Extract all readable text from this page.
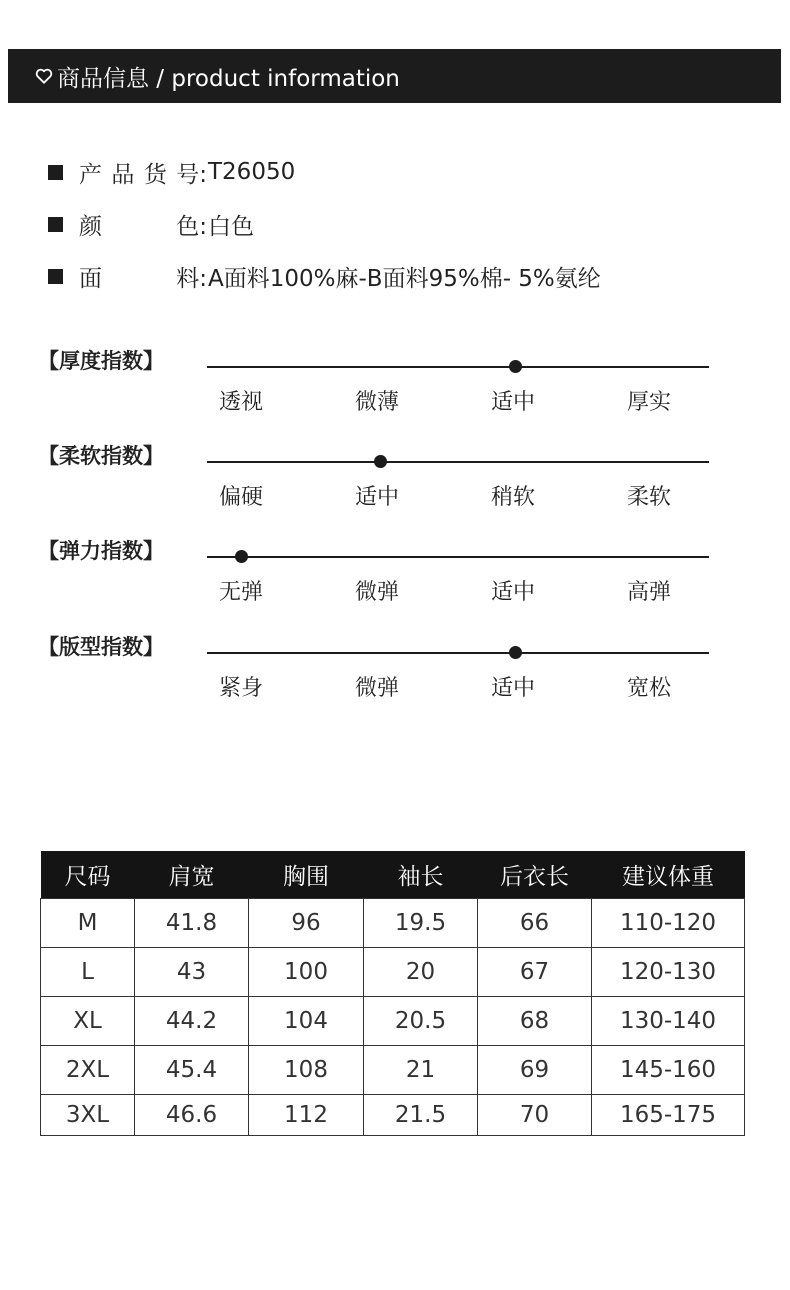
商品信息 / product information
产 品 货 号: T26050
颜	色: 白色
面	料: A面料100%麻-B面料95%棉- 5%氨纶
【厚度指数】
透视	微薄	适中	厚实
【柔软指数】
偏硬	适中	稍软	柔软
【弹力指数】
无弹	微弹	适中	高弹
【版型指数】
紧身	微弹	适中	宽松
尺码	肩宽	胸围	袖长	后衣长	建议体重
M	41.8	96	19.5	66	110-120
L	43	100	20	67	120-130
XL	44.2	104	20.5	68	130-140
2XL	45.4	108	21	69	145-160
3XL	46.6	112	21.5	70	165-175
